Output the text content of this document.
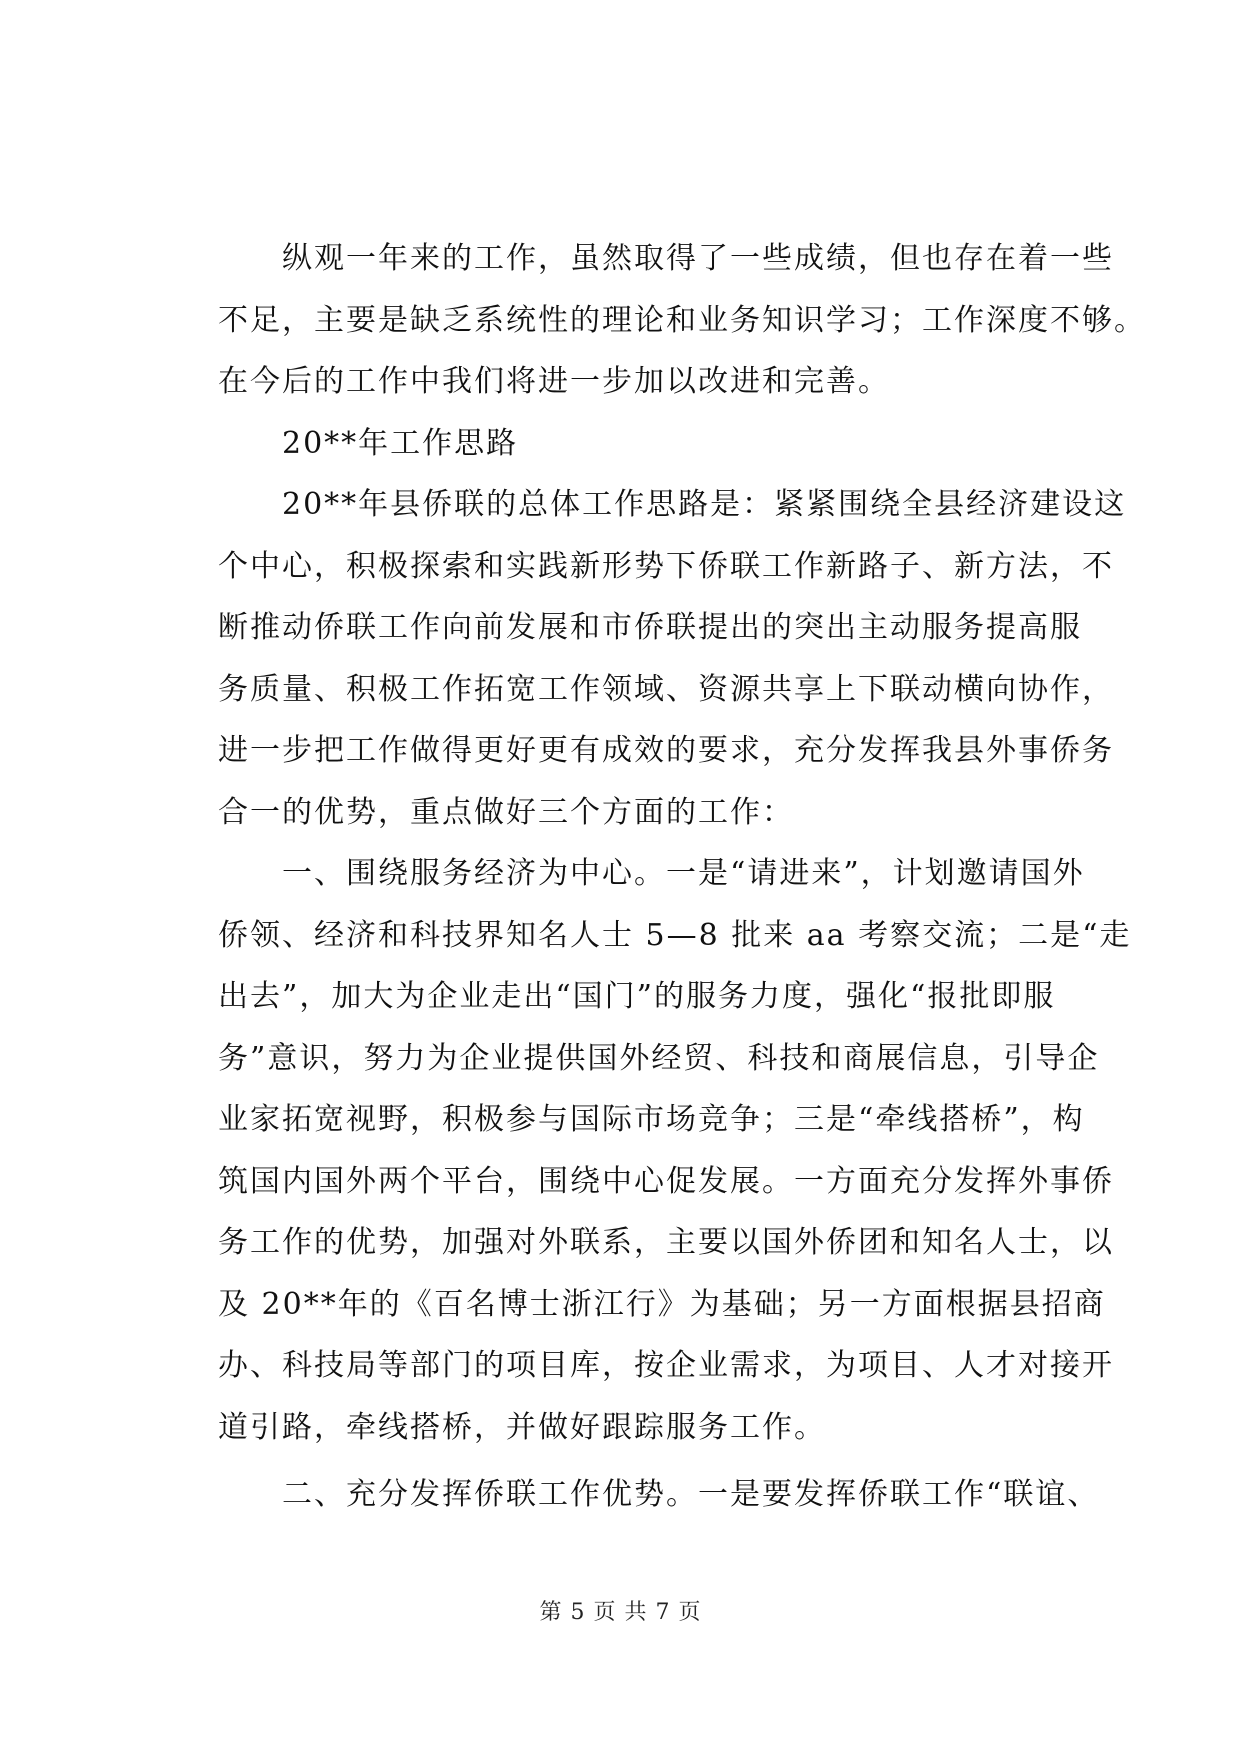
　　纵观一年来的工作，虽然取得了一些成绩，但也存在着一些
不足，主要是缺乏系统性的理论和业务知识学习；工作深度不够。
在今后的工作中我们将进一步加以改进和完善。
　　20**年工作思路
　　20**年县侨联的总体工作思路是：紧紧围绕全县经济建设这
个中心，积极探索和实践新形势下侨联工作新路子、新方法，不
断推动侨联工作向前发展和市侨联提出的突出主动服务提高服
务质量、积极工作拓宽工作领域、资源共享上下联动横向协作，
进一步把工作做得更好更有成效的要求，充分发挥我县外事侨务
合一的优势，重点做好三个方面的工作：
　　一、围绕服务经济为中心。一是“请进来”，计划邀请国外
侨领、经济和科技界知名人士 5—8 批来 aa 考察交流；二是“走
出去”，加大为企业走出“国门”的服务力度，强化“报批即服
务”意识，努力为企业提供国外经贸、科技和商展信息，引导企
业家拓宽视野，积极参与国际市场竞争；三是“牵线搭桥”，构
筑国内国外两个平台，围绕中心促发展。一方面充分发挥外事侨
务工作的优势，加强对外联系，主要以国外侨团和知名人士，以
及 20**年的《百名博士浙江行》为基础；另一方面根据县招商
办、科技局等部门的项目库，按企业需求，为项目、人才对接开
道引路，牵线搭桥，并做好跟踪服务工作。
　　二、充分发挥侨联工作优势。一是要发挥侨联工作“联谊、
第 5 页 共 7 页
